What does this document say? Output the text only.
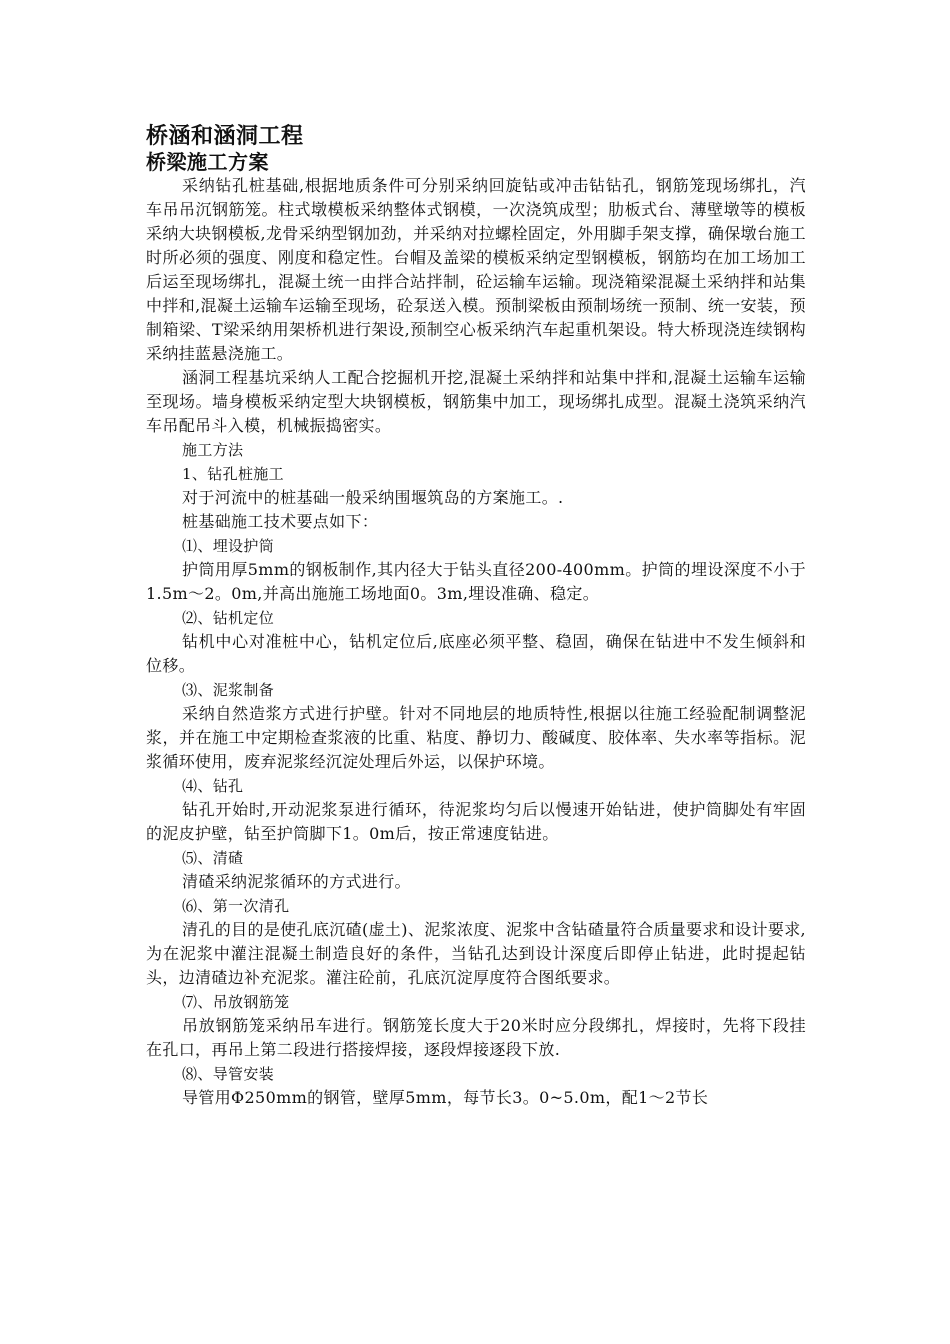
桥涵和涵洞工程
桥梁施工方案

采纳钻孔桩基础,根据地质条件可分别采纳回旋钻或冲击钻钻孔，钢筋笼现场绑扎，汽车吊吊沉钢筋笼。柱式墩模板采纳整体式钢模，一次浇筑成型；肋板式台、薄壁墩等的模板采纳大块钢模板,龙骨采纳型钢加劲，并采纳对拉螺栓固定，外用脚手架支撑，确保墩台施工时所必须的强度、刚度和稳定性。台帽及盖梁的模板采纳定型钢模板，钢筋均在加工场加工后运至现场绑扎，混凝土统一由拌合站拌制，砼运输车运输。现浇箱梁混凝土采纳拌和站集中拌和,混凝土运输车运输至现场，砼泵送入模。预制梁板由预制场统一预制、统一安装，预制箱梁、T梁采纳用架桥机进行架设,预制空心板采纳汽车起重机架设。特大桥现浇连续钢构采纳挂蓝悬浇施工。

涵洞工程基坑采纳人工配合挖掘机开挖,混凝土采纳拌和站集中拌和,混凝土运输车运输至现场。墙身模板采纳定型大块钢模板，钢筋集中加工，现场绑扎成型。混凝土浇筑采纳汽车吊配吊斗入模，机械振捣密实。

施工方法

1、钻孔桩施工

对于河流中的桩基础一般采纳围堰筑岛的方案施工。.

桩基础施工技术要点如下：

⑴、埋设护筒

护筒用厚5mm的钢板制作,其内径大于钻头直径200-400mm。护筒的埋设深度不小于1.5m～2。0m,并高出施施工场地面0。3m,埋设准确、稳定。

⑵、钻机定位

钻机中心对准桩中心，钻机定位后,底座必须平整、稳固，确保在钻进中不发生倾斜和位移。

⑶、泥浆制备

采纳自然造浆方式进行护壁。针对不同地层的地质特性,根据以往施工经验配制调整泥浆，并在施工中定期检查浆液的比重、粘度、静切力、酸碱度、胶体率、失水率等指标。泥浆循环使用，废弃泥浆经沉淀处理后外运，以保护环境。

⑷、钻孔

钻孔开始时,开动泥浆泵进行循环，待泥浆均匀后以慢速开始钻进，使护筒脚处有牢固的泥皮护壁，钻至护筒脚下1。0m后，按正常速度钻进。

⑸、清碴

清碴采纳泥浆循环的方式进行。

⑹、第一次清孔

清孔的目的是使孔底沉碴(虚土)、泥浆浓度、泥浆中含钻碴量符合质量要求和设计要求,为在泥浆中灌注混凝土制造良好的条件，当钻孔达到设计深度后即停止钻进，此时提起钻头，边清碴边补充泥浆。灌注砼前，孔底沉淀厚度符合图纸要求。

⑺、吊放钢筋笼

吊放钢筋笼采纳吊车进行。钢筋笼长度大于20米时应分段绑扎，焊接时，先将下段挂在孔口，再吊上第二段进行搭接焊接，逐段焊接逐段下放.

⑻、导管安装

导管用Φ250mm的钢管，壁厚5mm，每节长3。0~5.0m，配1～2节长
